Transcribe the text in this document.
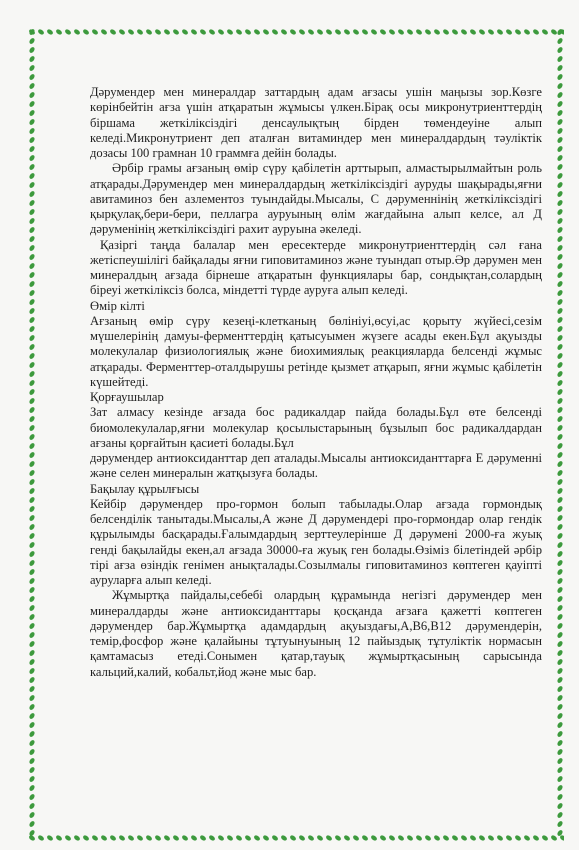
Дәрумендер мен минералдар заттардың адам ағзасы ушін маңызы зор.Көзге көрінбейтін ағза үшін атқаратын жұмысы үлкен.Бірақ осы микронутриенттердің біршама жеткіліксіздігі денсаулықтың бірден төмендеуіне алып келеді.Микронутриент деп аталған витаминдер мен минералдардың тәуліктік дозасы 100 грамнан 10 граммға дейін болады.

Әрбір грамы ағзаның өмір сүру қабілетін арттырып, алмастырылмайтын роль атқарады.Дәрумендер мен минералдардың жеткіліксіздігі ауруды шақырады,яғни авитаминоз бен азлементоз туындайды.Мысалы, С дәруменнінің жеткіліксіздігі қырқулақ,бери-бери, пеллагра ауруының өлім жағдайына алып келсе, ал Д дәруменінің жеткіліксіздігі рахит ауруына әкеледі.

Қазіргі таңда балалар мен ересектерде микронутриенттердің сәл ғана жетіспеушілігі байқалады яғни гиповитаминоз және туындап отыр.Әр дәрумен мен минералдың ағзада бірнеше атқаратын функциялары бар, сондықтан,солардың біреуі жеткіліксіз болса, міндетті түрде ауруға алып келеді.

Өмір кілті

Ағзаның өмір сүру кезеңі-клетканың бөлініуі,өсуі,ас қорыту жүйесі,сезім мүшелерінің дамуы-ферменттердің қатысуымен жүзеге асады екен.Бұл ақуызды молекулалар физиологиялық және биохимиялық реакцияларда белсенді жұмыс атқарады. Ферменттер-оталдырушы ретінде қызмет атқарып, яғни жұмыс қабілетін күшейтеді.

Қорғаушылар

Зат алмасу кезінде ағзада бос радикалдар пайда болады.Бұл өте белсенді биомолекулалар,яғни молекулар қосылыстарының бұзылып бос радикалдардан ағзаны қорғайтын қасиеті болады.Бұл

дәрумендер антиоксиданттар деп аталады.Мысалы антиоксиданттарға Е дәруменні және селен минералын жатқызуға болады.

Бақылау құрылғысы

Кейбір дәрумендер про-гормон болып табылады.Олар ағзада гормондық белсенділік танытады.Мысалы,А және Д дәрумендері про-гормондар олар гендік құрылымды басқарады.Ғалымдардың зерттеулерінше Д дәрумені 2000-ға жуық генді бақылайды екен,ал ағзада 30000-ға жуық ген болады.Өзіміз білетіндей әрбір тірі ағза өзіндік генімен анықталады.Созылмалы гиповитаминоз көптеген қауіпті ауруларға алып келеді.

Жұмыртқа пайдалы,себебі олардың құрамында негізгі дәрумендер мен минералдарды және антиоксиданттары қосқанда ағзаға қажетті көптеген дәрумендер бар.Жұмыртқа адамдардың ақуыздағы,А,В6,В12 дәрумендерін, темір,фосфор және қалайыны тұтуынуының 12 пайыздық тұтуліктік нормасын қамтамасыз етеді.Сонымен қатар,тауық жұмыртқасының сарысында кальций,калий, кобальт,йод және мыс бар.
